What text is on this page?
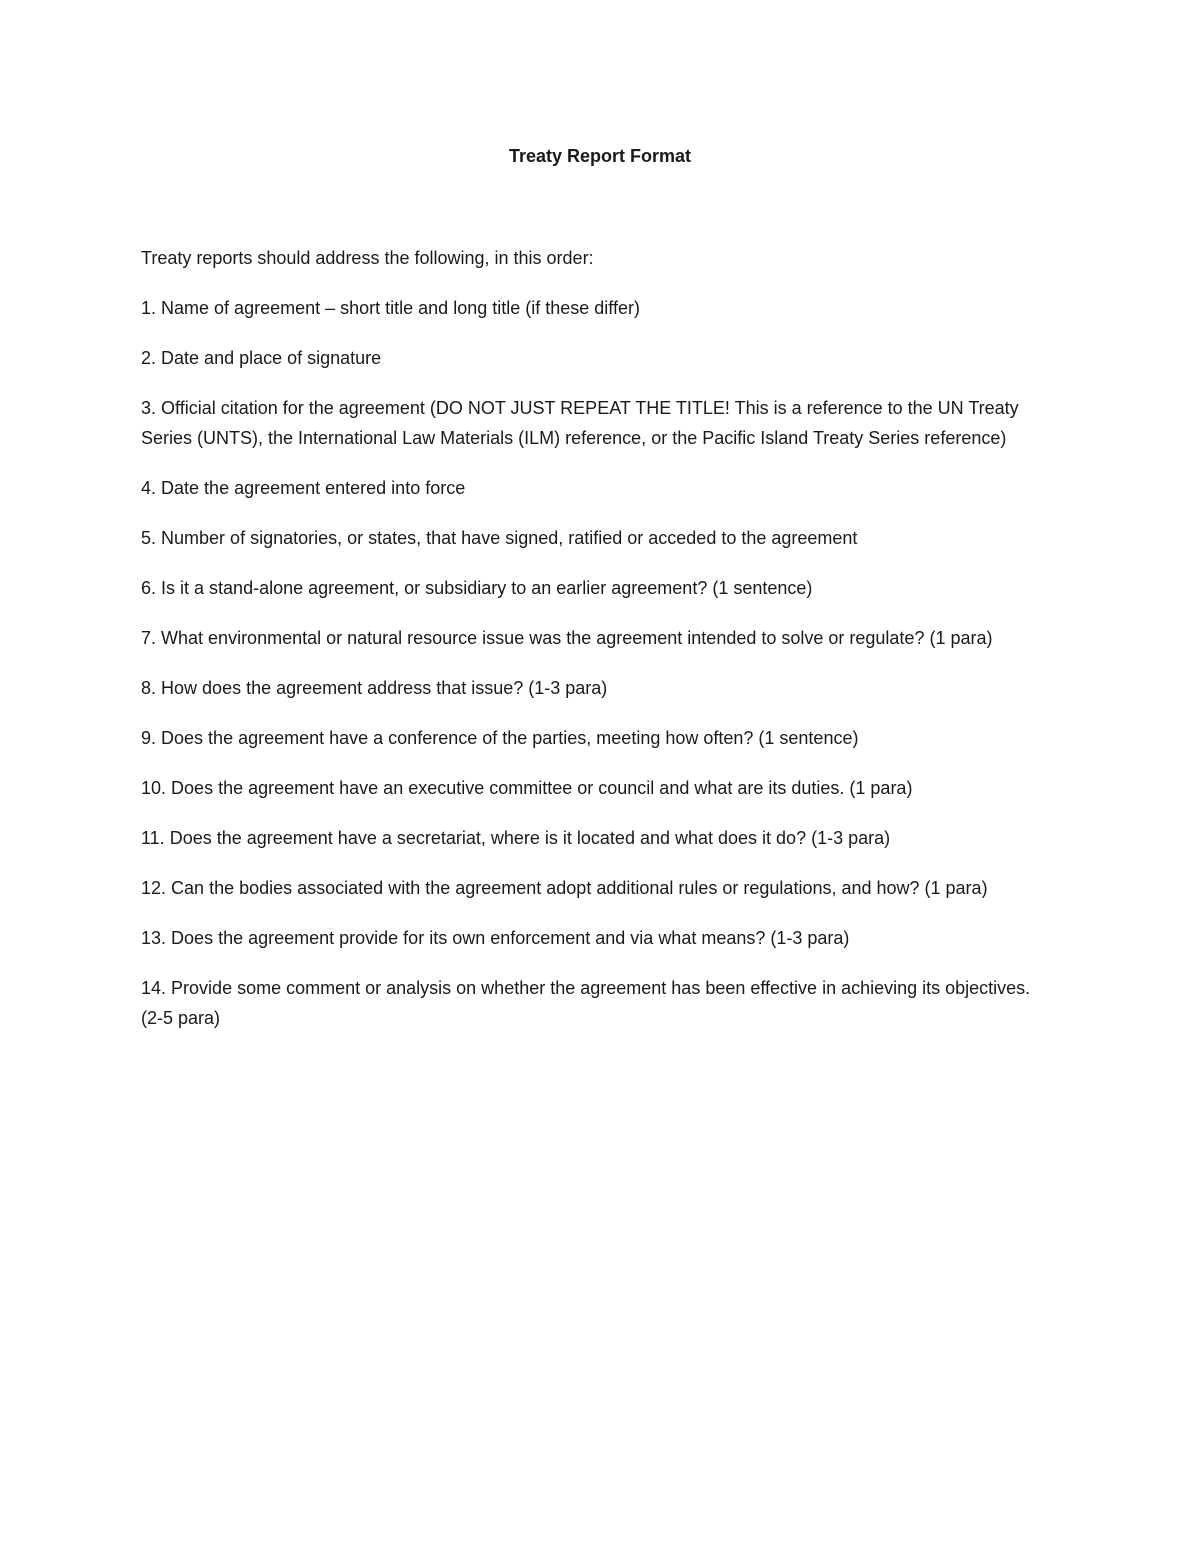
Treaty Report Format

Treaty reports should address the following, in this order:

1. Name of agreement – short title and long title (if these differ)

2. Date and place of signature

3. Official citation for the agreement (DO NOT JUST REPEAT THE TITLE! This is a reference to the UN Treaty Series (UNTS), the International Law Materials (ILM) reference, or the Pacific Island Treaty Series reference)

4. Date the agreement entered into force

5. Number of signatories, or states, that have signed, ratified or acceded to the agreement

6. Is it a stand-alone agreement, or subsidiary to an earlier agreement? (1 sentence)

7. What environmental or natural resource issue was the agreement intended to solve or regulate? (1 para)

8. How does the agreement address that issue? (1-3 para)

9. Does the agreement have a conference of the parties, meeting how often? (1 sentence)

10. Does the agreement have an executive committee or council and what are its duties. (1 para)

11. Does the agreement have a secretariat, where is it located and what does it do? (1-3 para)

12. Can the bodies associated with the agreement adopt additional rules or regulations, and how? (1 para)

13. Does the agreement provide for its own enforcement and via what means? (1-3 para)

14. Provide some comment or analysis on whether the agreement has been effective in achieving its objectives. (2-5 para)
